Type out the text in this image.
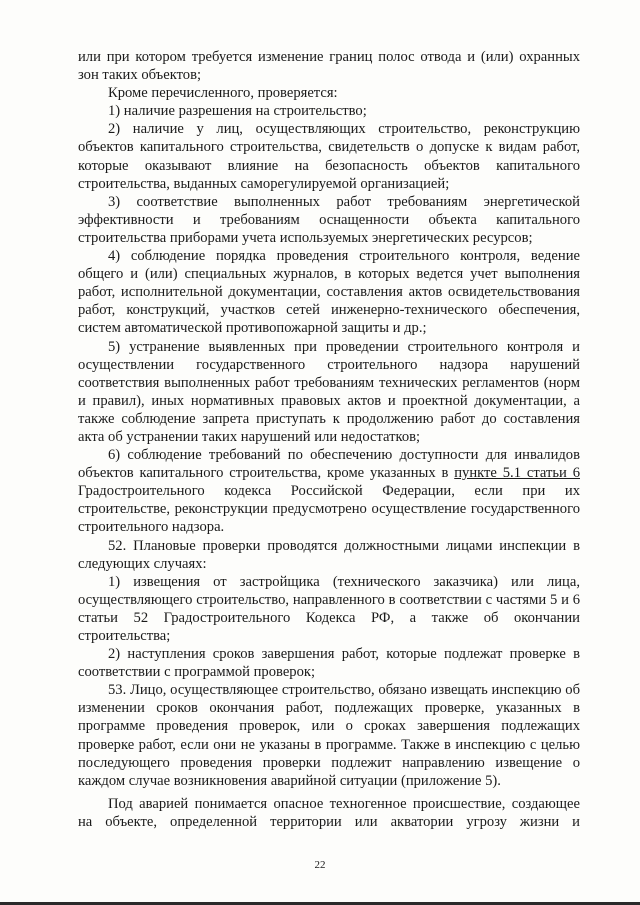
или при котором требуется изменение границ полос отвода и (или) охранных зон таких объектов;

Кроме перечисленного, проверяется:

1) наличие разрешения на строительство;

2) наличие у лиц, осуществляющих строительство, реконструкцию объектов капитального строительства, свидетельств о допуске к видам работ, которые оказывают влияние на безопасность объектов капитального строительства, выданных саморегулируемой организацией;

3) соответствие выполненных работ требованиям энергетической эффективности и требованиям оснащенности объекта капитального строительства приборами учета используемых энергетических ресурсов;

4) соблюдение порядка проведения строительного контроля, ведение общего и (или) специальных журналов, в которых ведется учет выполнения работ, исполнительной документации, составления актов освидетельствования работ, конструкций, участков сетей инженерно-технического обеспечения, систем автоматической противопожарной защиты и др.;

5) устранение выявленных при проведении строительного контроля и осуществлении государственного строительного надзора нарушений соответствия выполненных работ требованиям технических регламентов (норм и правил), иных нормативных правовых актов и проектной документации, а также соблюдение запрета приступать к продолжению работ до составления акта об устранении таких нарушений или недостатков;

6) соблюдение требований по обеспечению доступности для инвалидов объектов капитального строительства, кроме указанных в пункте 5.1 статьи 6 Градостроительного кодекса Российской Федерации, если при их строительстве, реконструкции предусмотрено осуществление государственного строительного надзора.

52. Плановые проверки проводятся должностными лицами инспекции в следующих случаях:

1) извещения от застройщика (технического заказчика) или лица, осуществляющего строительство, направленного в соответствии с частями 5 и 6 статьи 52 Градостроительного Кодекса РФ, а также об окончании строительства;

2) наступления сроков завершения работ, которые подлежат проверке в соответствии с программой проверок;

53. Лицо, осуществляющее строительство, обязано извещать инспекцию об изменении сроков окончания работ, подлежащих проверке, указанных в программе проведения проверок, или о сроках завершения подлежащих проверке работ, если они не указаны в программе. Также в инспекцию с целью последующего проведения проверки подлежит направлению извещение о каждом случае возникновения аварийной ситуации (приложение 5).

Под аварией понимается опасное техногенное происшествие, создающее

на объекте, определенной территории или акватории угрозу жизни и

22
